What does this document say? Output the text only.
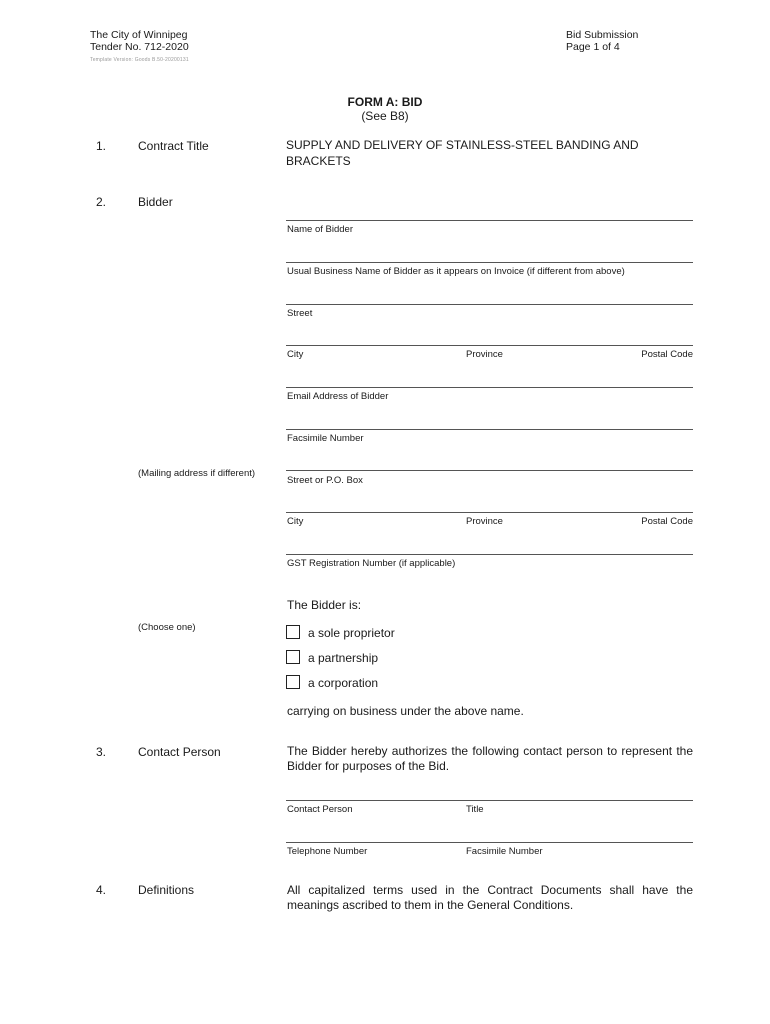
The City of Winnipeg
Tender No. 712-2020
Bid Submission
Page 1 of 4
Template Version: Goods B.50-20200131
FORM A: BID
(See B8)
1.	Contract Title	SUPPLY AND DELIVERY OF STAINLESS-STEEL BANDING AND
BRACKETS
2.	Bidder
Name of Bidder
Usual Business Name of Bidder as it appears on Invoice (if different from above)
Street
City	Province	Postal Code
Email Address of Bidder
Facsimile Number
(Mailing address if different)
Street or P.O. Box
City	Province	Postal Code
GST Registration Number (if applicable)
The Bidder is:
(Choose one)	a sole proprietor
a partnership
a corporation
carrying on business under the above name.
3.	Contact Person	The Bidder hereby authorizes the following contact person to represent the Bidder for purposes of the Bid.
Contact Person	Title
Telephone Number	Facsimile Number
4.	Definitions	All capitalized terms used in the Contract Documents shall have the meanings ascribed to them in the General Conditions.
